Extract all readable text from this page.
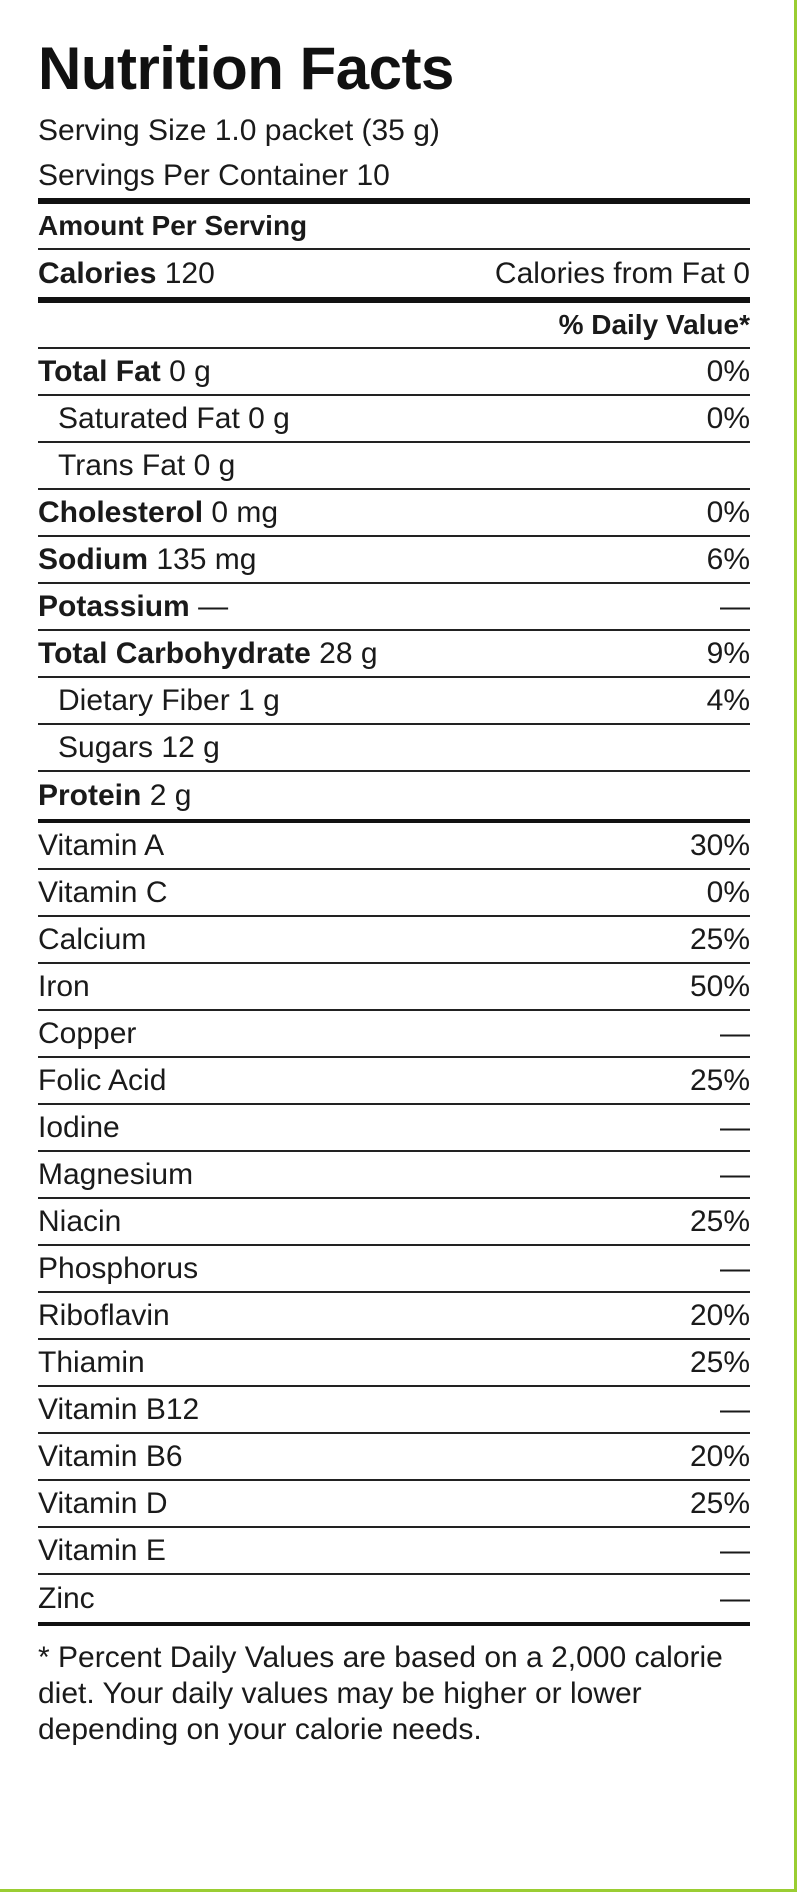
Nutrition Facts
Serving Size 1.0 packet (35 g)
Servings Per Container 10
Amount Per Serving
Calories 120	Calories from Fat 0
% Daily Value*
Total Fat 0 g	0%
Saturated Fat 0 g	0%
Trans Fat 0 g
Cholesterol 0 mg	0%
Sodium 135 mg	6%
Potassium —	—
Total Carbohydrate 28 g	9%
Dietary Fiber 1 g	4%
Sugars 12 g
Protein 2 g
Vitamin A	30%
Vitamin C	0%
Calcium	25%
Iron	50%
Copper	—
Folic Acid	25%
Iodine	—
Magnesium	—
Niacin	25%
Phosphorus	—
Riboflavin	20%
Thiamin	25%
Vitamin B12	—
Vitamin B6	20%
Vitamin D	25%
Vitamin E	—
Zinc	—
* Percent Daily Values are based on a 2,000 calorie diet. Your daily values may be higher or lower depending on your calorie needs.
